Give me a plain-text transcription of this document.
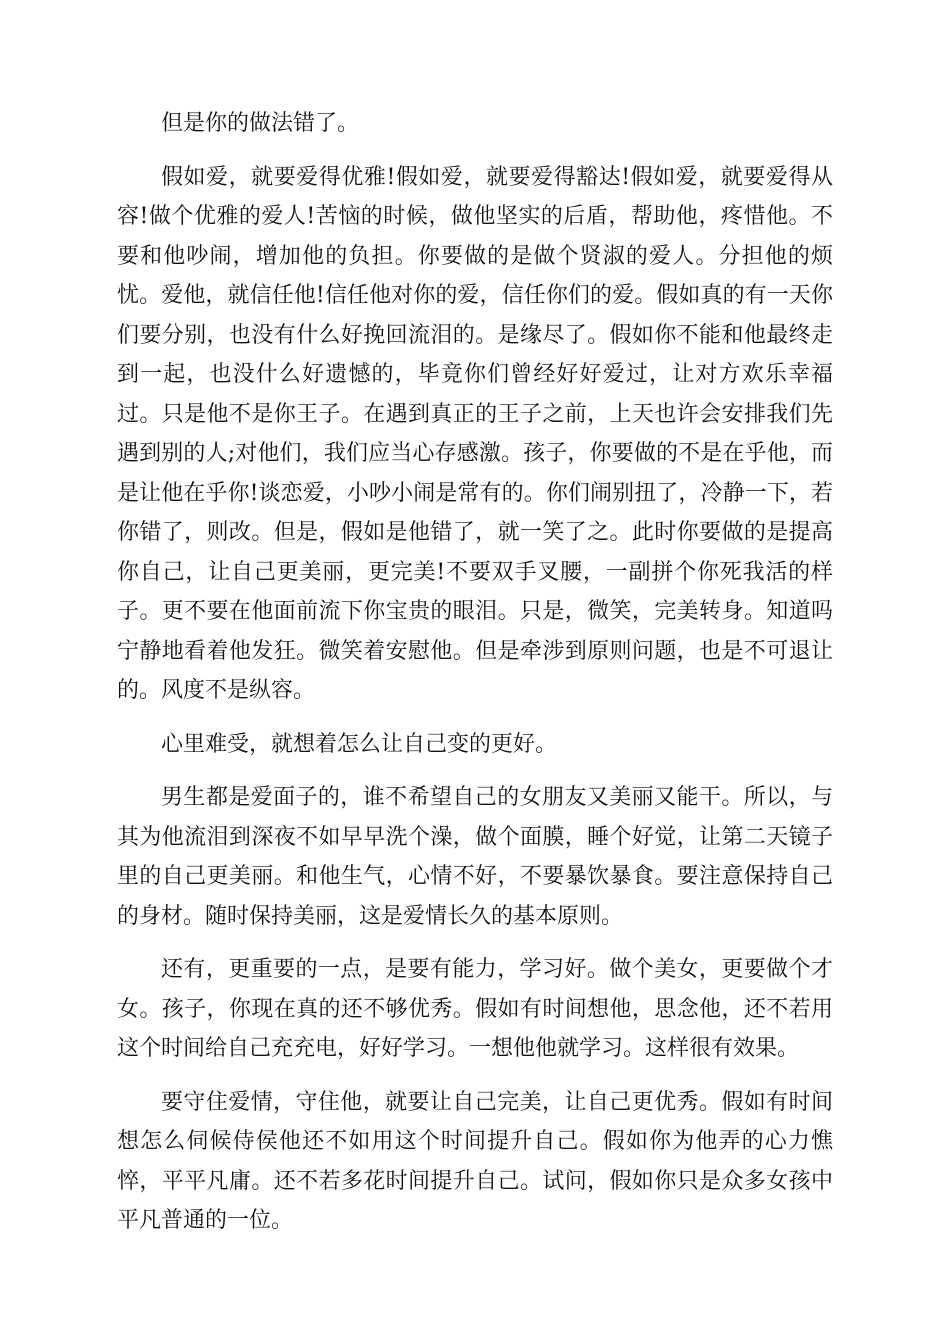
但是你的做法错了。

假如爱，就要爱得优雅!假如爱，就要爱得豁达!假如爱，就要爱得从容!做个优雅的爱人!苦恼的时候，做他坚实的后盾，帮助他，疼惜他。不要和他吵闹，增加他的负担。你要做的是做个贤淑的爱人。分担他的烦忧。爱他，就信任他!信任他对你的爱，信任你们的爱。假如真的有一天你们要分别，也没有什么好挽回流泪的。是缘尽了。假如你不能和他最终走到一起，也没什么好遗憾的，毕竟你们曾经好好爱过，让对方欢乐幸福过。只是他不是你王子。在遇到真正的王子之前，上天也许会安排我们先遇到别的人;对他们，我们应当心存感激。孩子，你要做的不是在乎他，而是让他在乎你!谈恋爱，小吵小闹是常有的。你们闹别扭了，冷静一下，若你错了，则改。但是，假如是他错了，就一笑了之。此时你要做的是提高你自己，让自己更美丽，更完美!不要双手叉腰，一副拼个你死我活的样子。更不要在他面前流下你宝贵的眼泪。只是，微笑，完美转身。知道吗宁静地看着他发狂。微笑着安慰他。但是牵涉到原则问题，也是不可退让的。风度不是纵容。

心里难受，就想着怎么让自己变的更好。

男生都是爱面子的，谁不希望自己的女朋友又美丽又能干。所以，与其为他流泪到深夜不如早早洗个澡，做个面膜，睡个好觉，让第二天镜子里的自己更美丽。和他生气，心情不好，不要暴饮暴食。要注意保持自己的身材。随时保持美丽，这是爱情长久的基本原则。

还有，更重要的一点，是要有能力，学习好。做个美女，更要做个才女。孩子，你现在真的还不够优秀。假如有时间想他，思念他，还不若用这个时间给自己充充电，好好学习。一想他他就学习。这样很有效果。

要守住爱情，守住他，就要让自己完美，让自己更优秀。假如有时间想怎么伺候侍侯他还不如用这个时间提升自己。假如你为他弄的心力憔悴，平平凡庸。还不若多花时间提升自己。试问，假如你只是众多女孩中平凡普通的一位。
